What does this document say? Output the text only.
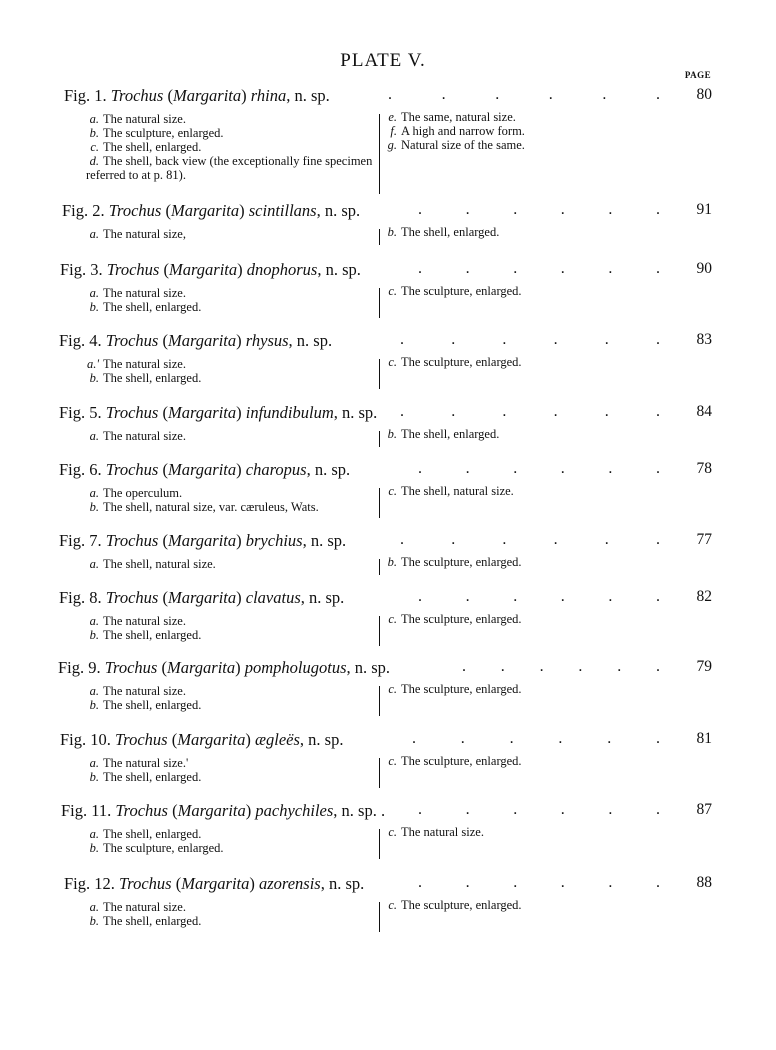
PLATE V.
PAGE
Fig. 1. Trochus (Margarita) rhina, n. sp.	.	.	.	.	.	.	80
a. The natural size.
b. The sculpture, enlarged.
c. The shell, enlarged.
d. The shell, back view (the exceptionally fine specimen referred to at p. 81).
e. The same, natural size.
f. A high and narrow form.
g. Natural size of the same.
Fig. 2. Trochus (Margarita) scintillans, n. sp.	.	.	.	.	.	.	91
a. The natural size,	b. The shell, enlarged.
Fig. 3. Trochus (Margarita) dnophorus, n. sp.	.	.	.	.	.	.	90
a. The natural size.
b. The shell, enlarged.
c. The sculpture, enlarged.
Fig. 4. Trochus (Margarita) rhysus, n. sp.	.	.	.	.	.	.	83
a.' The natural size.
b. The shell, enlarged.
c. The sculpture, enlarged.
Fig. 5. Trochus (Margarita) infundibulum, n. sp. .	.	.	.	.	.	84
a. The natural size.	b. The shell, enlarged.
Fig. 6. Trochus (Margarita) charopus, n. sp.	.	.	.	.	.	.	78
a. The operculum.
b. The shell, natural size, var. cæruleus, Wats.
c. The shell, natural size.
Fig. 7. Trochus (Margarita) brychius, n. sp.	.	.	.	.	.	.	77
a. The shell, natural size.	b. The sculpture, enlarged.
Fig. 8. Trochus (Margarita) clavatus, n. sp.	.	.	.	.	.	.	82
a. The natural size.
b. The shell, enlarged.
c. The sculpture, enlarged.
Fig. 9. Trochus (Margarita) pompholugotus, n. sp.	. . . . . .	79
a. The natural size.
b. The shell, enlarged.
c. The sculpture, enlarged.
Fig. 10. Trochus (Margarita) ægleës, n. sp.	.	.	.	.	.	.	81
a. The natural size.'
b. The shell, enlarged.
c. The sculpture, enlarged.
Fig. 11. Trochus (Margarita) pachychiles, n. sp. . .	.	.	.	.	.	87
a. The shell, enlarged.
b. The sculpture, enlarged.
c. The natural size.
Fig. 12. Trochus (Margarita) azorensis, n. sp.	.	.	.	.	.	.	88
a. The natural size.
b. The shell, enlarged.
c. The sculpture, enlarged.
